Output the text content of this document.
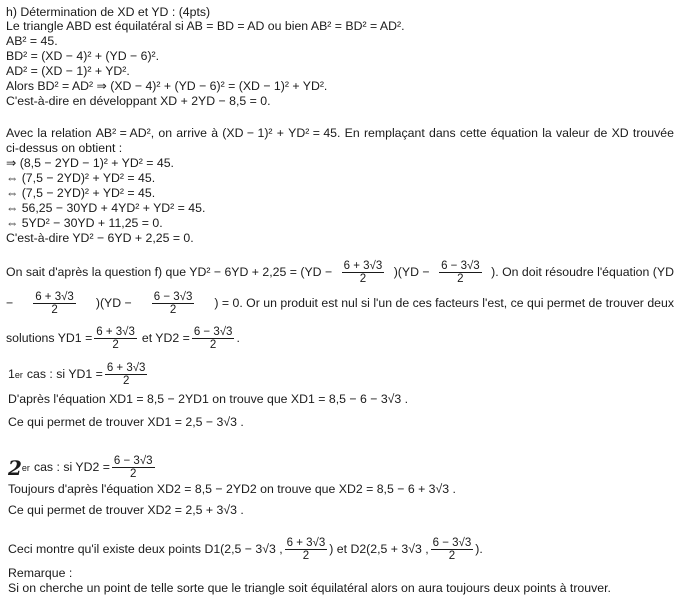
h) Détermination de XD et YD : (4pts)
Le triangle ABD est équilatéral si AB = BD = AD ou bien AB² = BD² = AD².
AB² = 45.
BD² = (XD − 4)² + (YD − 6)².
AD² = (XD − 1)² + YD².
Alors BD² = AD² ⇒ (XD − 4)² + (YD − 6)² = (XD − 1)² + YD².
C'est-à-dire en développant XD + 2YD − 8,5 = 0.
Avec la relation AB² = AD², on arrive à (XD − 1)² + YD² = 45. En remplaçant dans cette équation la valeur de XD trouvée
ci-dessus on obtient :
⇒ (8,5 − 2YD − 1)² + YD² = 45.
⇔ (7,5 − 2YD)² + YD² = 45.
⇔ (7,5 − 2YD)² + YD² = 45.
⇔ 56,25 − 30YD + 4YD² + YD² = 45.
⇔ 5YD² − 30YD + 11,25 = 0.
C'est-à-dire YD² − 6YD + 2,25 = 0.
On sait d'après la question f) que $YD^2 - 6YD + 2,25 = (YD - \frac{6 + 3√3}{2} )(YD - \frac{6 - 3√3}{2}$ ). On doit résoudre l'équation (YD
− $\frac{6 + 3√3}{2} )(YD - \frac{6 - 3√3}{2}$ ) = 0. Or un produit est nul si l'un de ces facteurs l'est, ce qui permet de trouver deux
solutions $YD1 = \frac{6 + 3√3}{2}$ et $YD2 = \frac{6 - 3√3}{2}$ .
1 er cas : si $YD1 = \frac{6 + 3√3}{2}$
D'après l'équation XD1 = 8,5 − 2YD1 on trouve que XD1 = 8,5 − 6 − 3√3 .
Ce qui permet de trouver XD1 = 2,5 − 3√3 .
2 er cas : si $YD2 = \frac{6 - 3√3}{2}$
Toujours d'après l'équation XD2 = 8,5 − 2YD2 on trouve que XD2 = 8,5 − 6 + 3√3 .
Ce qui permet de trouver XD2 = 2,5 + 3√3 .
Ceci montre qu'il existe deux points D1(2,5 − 3√3 , $\frac{6 + 3√3}{2}$ ) et D2(2,5 + 3√3 , $\frac{6 - 3√3}{2}$ ).
Remarque :
Si on cherche un point de telle sorte que le triangle soit équilatéral alors on aura toujours deux points à trouver.
